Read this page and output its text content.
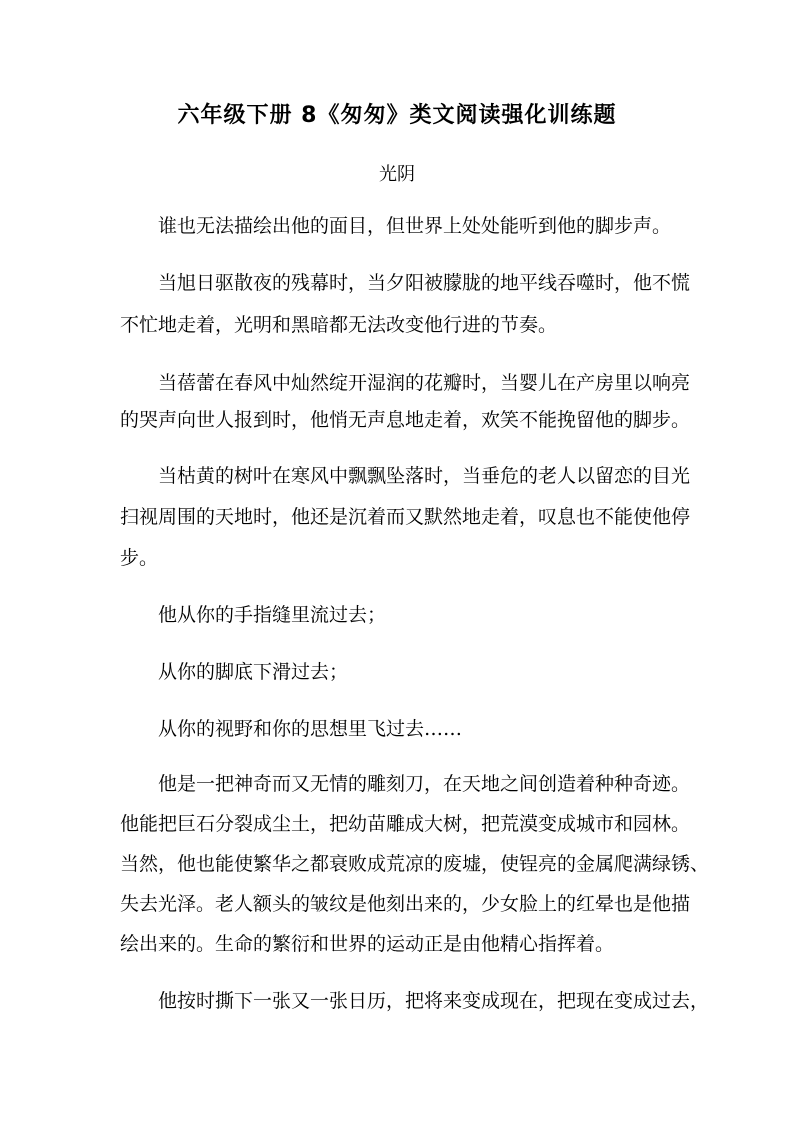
六年级下册 8《匆匆》类文阅读强化训练题
光阴
谁也无法描绘出他的面目，但世界上处处能听到他的脚步声。
当旭日驱散夜的残幕时，当夕阳被朦胧的地平线吞噬时，他不慌
不忙地走着，光明和黑暗都无法改变他行进的节奏。
当蓓蕾在春风中灿然绽开湿润的花瓣时，当婴儿在产房里以响亮
的哭声向世人报到时，他悄无声息地走着，欢笑不能挽留他的脚步。
当枯黄的树叶在寒风中飘飘坠落时，当垂危的老人以留恋的目光
扫视周围的天地时，他还是沉着而又默然地走着，叹息也不能使他停
步。
他从你的手指缝里流过去；
从你的脚底下滑过去；
从你的视野和你的思想里飞过去……
他是一把神奇而又无情的雕刻刀，在天地之间创造着种种奇迹。
他能把巨石分裂成尘土，把幼苗雕成大树，把荒漠变成城市和园林。
当然，他也能使繁华之都衰败成荒凉的废墟，使锃亮的金属爬满绿锈、
失去光泽。老人额头的皱纹是他刻出来的，少女脸上的红晕也是他描
绘出来的。生命的繁衍和世界的运动正是由他精心指挥着。
他按时撕下一张又一张日历，把将来变成现在，把现在变成过去，
